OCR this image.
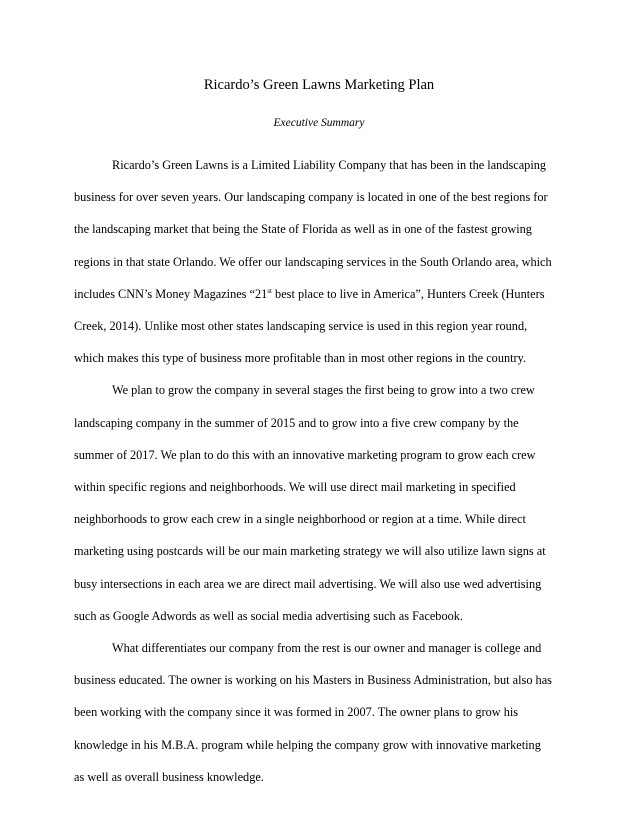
Ricardo’s Green Lawns Marketing Plan
Executive Summary

Ricardo’s Green Lawns is a Limited Liability Company that has been in the landscaping
business for over seven years. Our landscaping company is located in one of the best regions for
the landscaping market that being the State of Florida as well as in one of the fastest growing
regions in that state Orlando. We offer our landscaping services in the South Orlando area, which
includes CNN’s Money Magazines “21st best place to live in America”, Hunters Creek (Hunters
Creek, 2014). Unlike most other states landscaping service is used in this region year round,
which makes this type of business more profitable than in most other regions in the country.

We plan to grow the company in several stages the first being to grow into a two crew
landscaping company in the summer of 2015 and to grow into a five crew company by the
summer of 2017. We plan to do this with an innovative marketing program to grow each crew
within specific regions and neighborhoods. We will use direct mail marketing in specified
neighborhoods to grow each crew in a single neighborhood or region at a time. While direct
marketing using postcards will be our main marketing strategy we will also utilize lawn signs at
busy intersections in each area we are direct mail advertising. We will also use wed advertising
such as Google Adwords as well as social media advertising such as Facebook.

What differentiates our company from the rest is our owner and manager is college and
business educated. The owner is working on his Masters in Business Administration, but also has
been working with the company since it was formed in 2007. The owner plans to grow his
knowledge in his M.B.A. program while helping the company grow with innovative marketing
as well as overall business knowledge.
